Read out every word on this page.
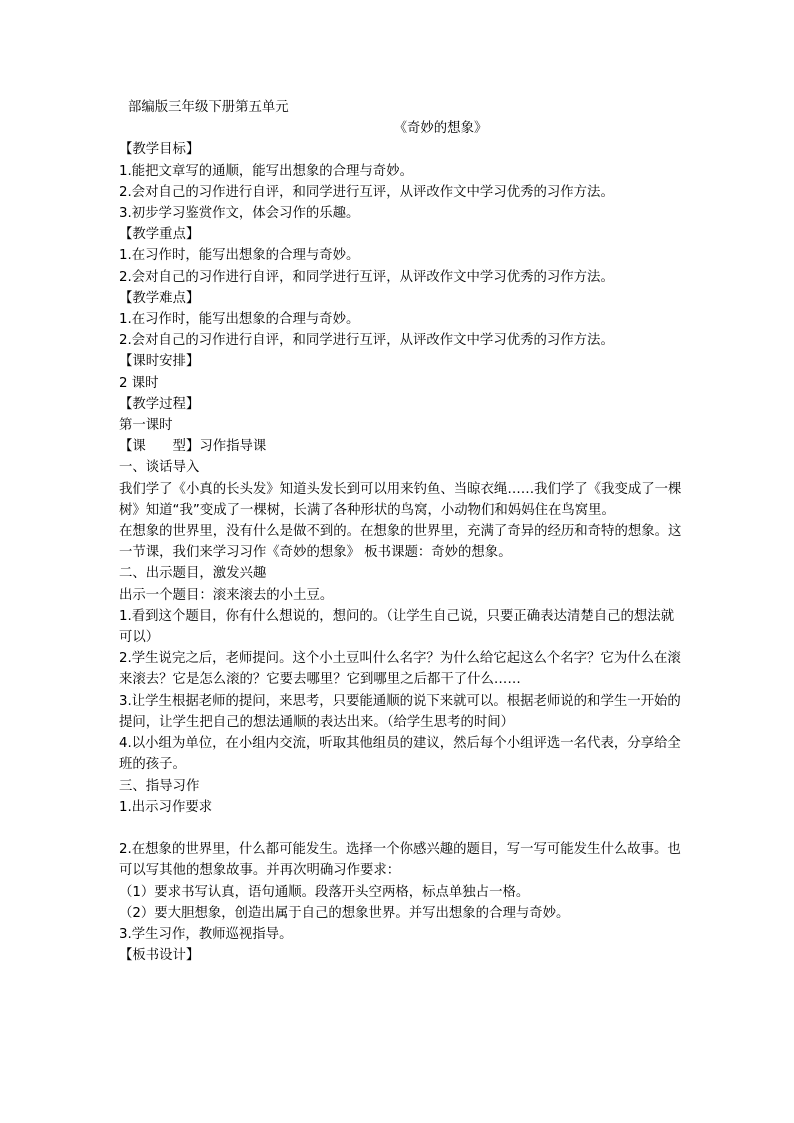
部编版三年级下册第五单元

《奇妙的想象》

【教学目标】

1.能把文章写的通顺，能写出想象的合理与奇妙。

2.会对自己的习作进行自评，和同学进行互评，从评改作文中学习优秀的习作方法。

3.初步学习鉴赏作文，体会习作的乐趣。

【教学重点】

1.在习作时，能写出想象的合理与奇妙。

2.会对自己的习作进行自评，和同学进行互评，从评改作文中学习优秀的习作方法。

【教学难点】

1.在习作时，能写出想象的合理与奇妙。

2.会对自己的习作进行自评，和同学进行互评，从评改作文中学习优秀的习作方法。

【课时安排】

2 课时

【教学过程】

第一课时

【课　　型】习作指导课

一、谈话导入

我们学了《小真的长头发》知道头发长到可以用来钓鱼、当晾衣绳……我们学了《我变成了一棵树》知道“我”变成了一棵树，长满了各种形状的鸟窝，小动物们和妈妈住在鸟窝里。

在想象的世界里，没有什么是做不到的。在想象的世界里，充满了奇异的经历和奇特的想象。这一节课，我们来学习习作《奇妙的想象》 板书课题：奇妙的想象。

二、出示题目，激发兴趣

出示一个题目：滚来滚去的小土豆。

1.看到这个题目，你有什么想说的，想问的。（让学生自己说，只要正确表达清楚自己的想法就可以）

2.学生说完之后，老师提问。这个小土豆叫什么名字？为什么给它起这么个名字？它为什么在滚来滚去？它是怎么滚的？它要去哪里？它到哪里之后都干了什么……

3.让学生根据老师的提问，来思考，只要能通顺的说下来就可以。根据老师说的和学生一开始的提问，让学生把自己的想法通顺的表达出来。（给学生思考的时间）

4.以小组为单位，在小组内交流，听取其他组员的建议，然后每个小组评选一名代表，分享给全班的孩子。

三、指导习作

1.出示习作要求

2.在想象的世界里，什么都可能发生。选择一个你感兴趣的题目，写一写可能发生什么故事。也可以写其他的想象故事。并再次明确习作要求：

（1）要求书写认真，语句通顺。段落开头空两格，标点单独占一格。

（2）要大胆想象，创造出属于自己的想象世界。并写出想象的合理与奇妙。

3.学生习作，教师巡视指导。

【板书设计】
